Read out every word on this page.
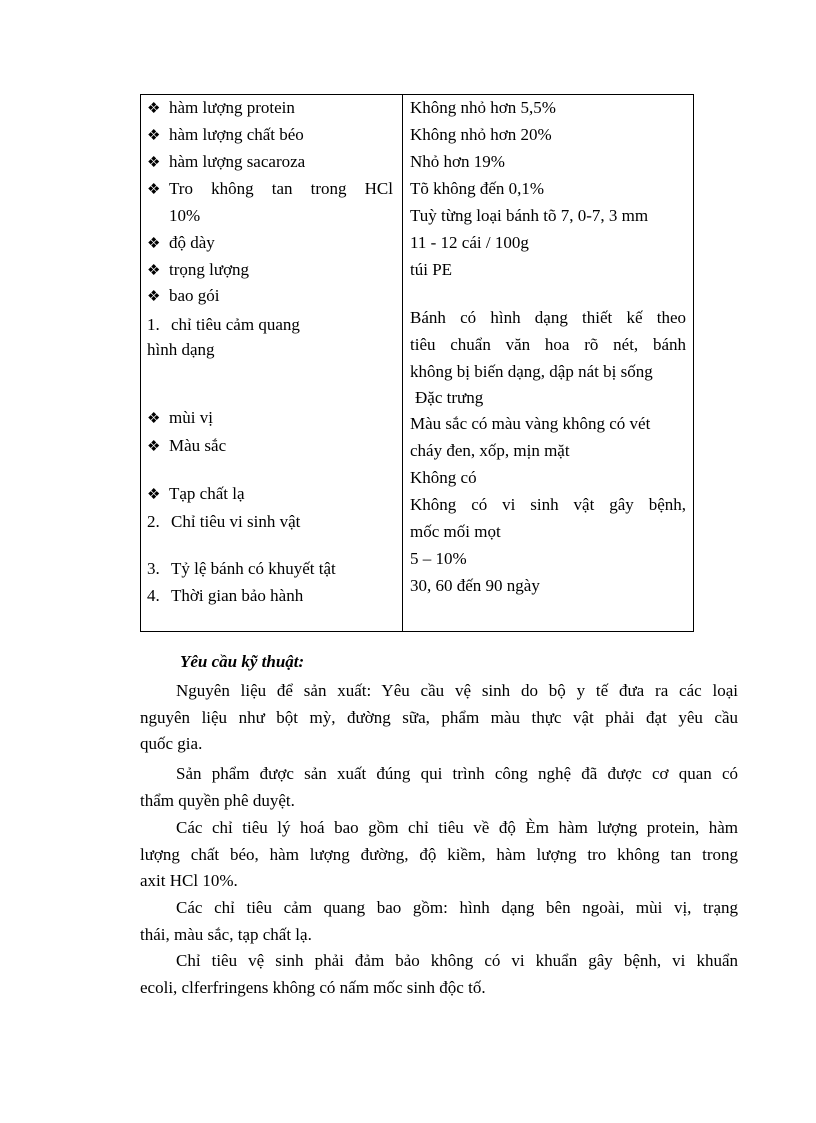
❖ hàm lượng protein
❖ hàm lượng chất béo
❖ hàm lượng sacaroza
❖ Tro không tan trong HCl
10%
❖ độ dày
❖ trọng lượng
❖ bao gói
1. chỉ tiêu cảm quang
hình dạng
❖ mùi vị
❖ Màu sắc
❖ Tạp chất lạ
2. Chỉ tiêu vi sinh vật
3. Tỷ lệ bánh có khuyết tật
4. Thời gian bảo hành
Không nhỏ hơn 5,5%
Không nhỏ hơn 20%
Nhỏ hơn 19%
Tõ không đến 0,1%
Tuỳ từng loại bánh tõ 7, 0-7, 3 mm
11 - 12 cái / 100g
túi PE
Bánh có hình dạng thiết kế theo
tiêu chuẩn văn hoa rõ nét, bánh
không bị biến dạng, dập nát bị sống
Đặc trưng
Màu sắc có màu vàng không có vét
cháy đen, xốp, mịn mặt
Không có
Không có vi sinh vật gây bệnh,
mốc mối mọt
5 – 10%
30, 60 đến 90 ngày
Yêu cầu kỹ thuật:
Nguyên liệu để sản xuất: Yêu cầu vệ sinh do bộ y tế đưa ra các loại
nguyên liệu như bột mỳ, đường sữa, phẩm màu thực vật phải đạt yêu cầu
quốc gia.
Sản phẩm được sản xuất đúng qui trình công nghệ đã được cơ quan có
thẩm quyền phê duyệt.
Các chỉ tiêu lý hoá bao gồm chỉ tiêu về độ Èm hàm lượng protein, hàm
lượng chất béo, hàm lượng đường, độ kiềm, hàm lượng tro không tan trong
axit HCl 10%.
Các chỉ tiêu cảm quang bao gồm: hình dạng bên ngoài, mùi vị, trạng
thái, màu sắc, tạp chất lạ.
Chỉ tiêu vệ sinh phải đảm bảo không có vi khuẩn gây bệnh, vi khuẩn
ecoli, clferfringens không có nấm mốc sinh độc tố.
